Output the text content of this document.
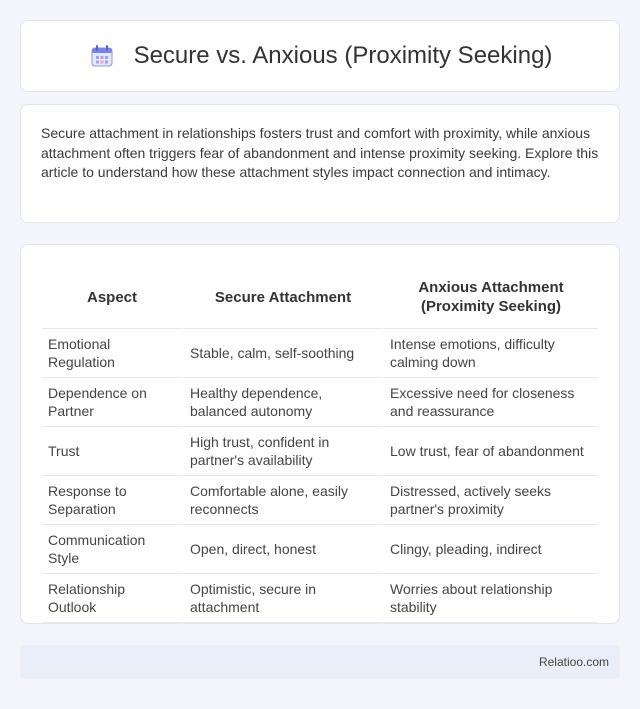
Secure vs. Anxious (Proximity Seeking)

Secure attachment in relationships fosters trust and comfort with proximity, while anxious attachment often triggers fear of abandonment and intense proximity seeking. Explore this article to understand how these attachment styles impact connection and intimacy.

Aspect	Secure Attachment	Anxious Attachment (Proximity Seeking)
Emotional Regulation	Stable, calm, self-soothing	Intense emotions, difficulty calming down
Dependence on Partner	Healthy dependence, balanced autonomy	Excessive need for closeness and reassurance
Trust	High trust, confident in partner's availability	Low trust, fear of abandonment
Response to Separation	Comfortable alone, easily reconnects	Distressed, actively seeks partner's proximity
Communication Style	Open, direct, honest	Clingy, pleading, indirect
Relationship Outlook	Optimistic, secure in attachment	Worries about relationship stability
Relatioo.com
